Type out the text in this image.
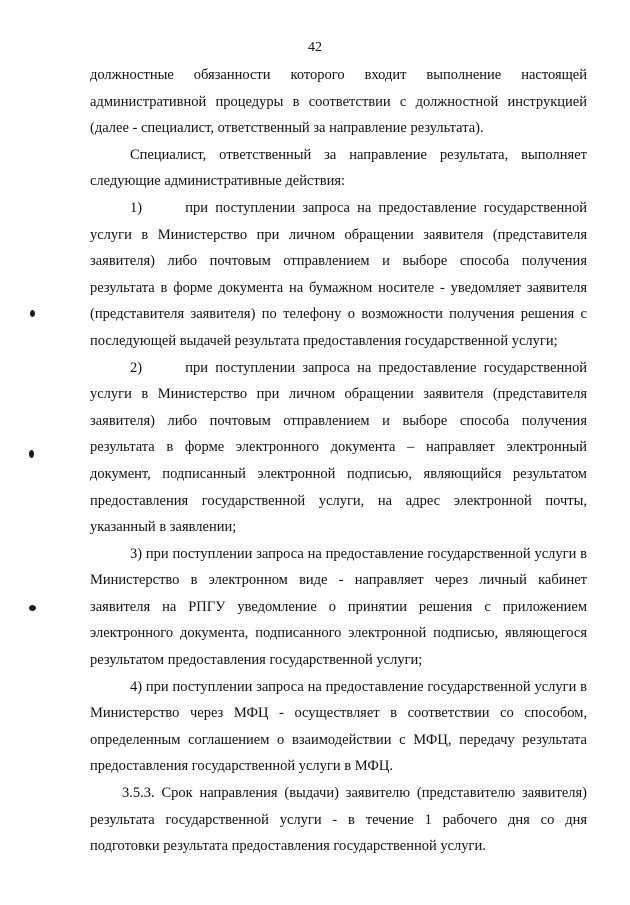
42

должностные обязанности которого входит выполнение настоящей административной процедуры в соответствии с должностной инструкцией (далее - специалист, ответственный за направление результата).

Специалист, ответственный за направление результата, выполняет следующие административные действия:

1)      при поступлении запроса на предоставление государственной услуги в Министерство при личном обращении заявителя (представителя заявителя) либо почтовым отправлением и выборе способа получения результата в форме документа на бумажном носителе - уведомляет заявителя (представителя заявителя) по телефону о возможности получения решения с последующей выдачей результата предоставления государственной услуги;

2)      при поступлении запроса на предоставление государственной услуги в Министерство при личном обращении заявителя (представителя заявителя) либо почтовым отправлением и выборе способа получения результата в форме электронного документа – направляет электронный документ, подписанный электронной подписью, являющийся результатом предоставления государственной услуги, на адрес электронной почты, указанный в заявлении;

3) при поступлении запроса на предоставление государственной услуги в Министерство в электронном виде - направляет через личный кабинет заявителя на РПГУ уведомление о принятии решения с приложением электронного документа, подписанного электронной подписью, являющегося результатом предоставления государственной услуги;

4) при поступлении запроса на предоставление государственной услуги в Министерство через МФЦ - осуществляет в соответствии со способом, определенным соглашением о взаимодействии с МФЦ, передачу результата предоставления государственной услуги в МФЦ.

3.5.3. Срок направления (выдачи) заявителю (представителю заявителя) результата государственной услуги - в течение 1 рабочего дня со дня подготовки результата предоставления государственной услуги.
